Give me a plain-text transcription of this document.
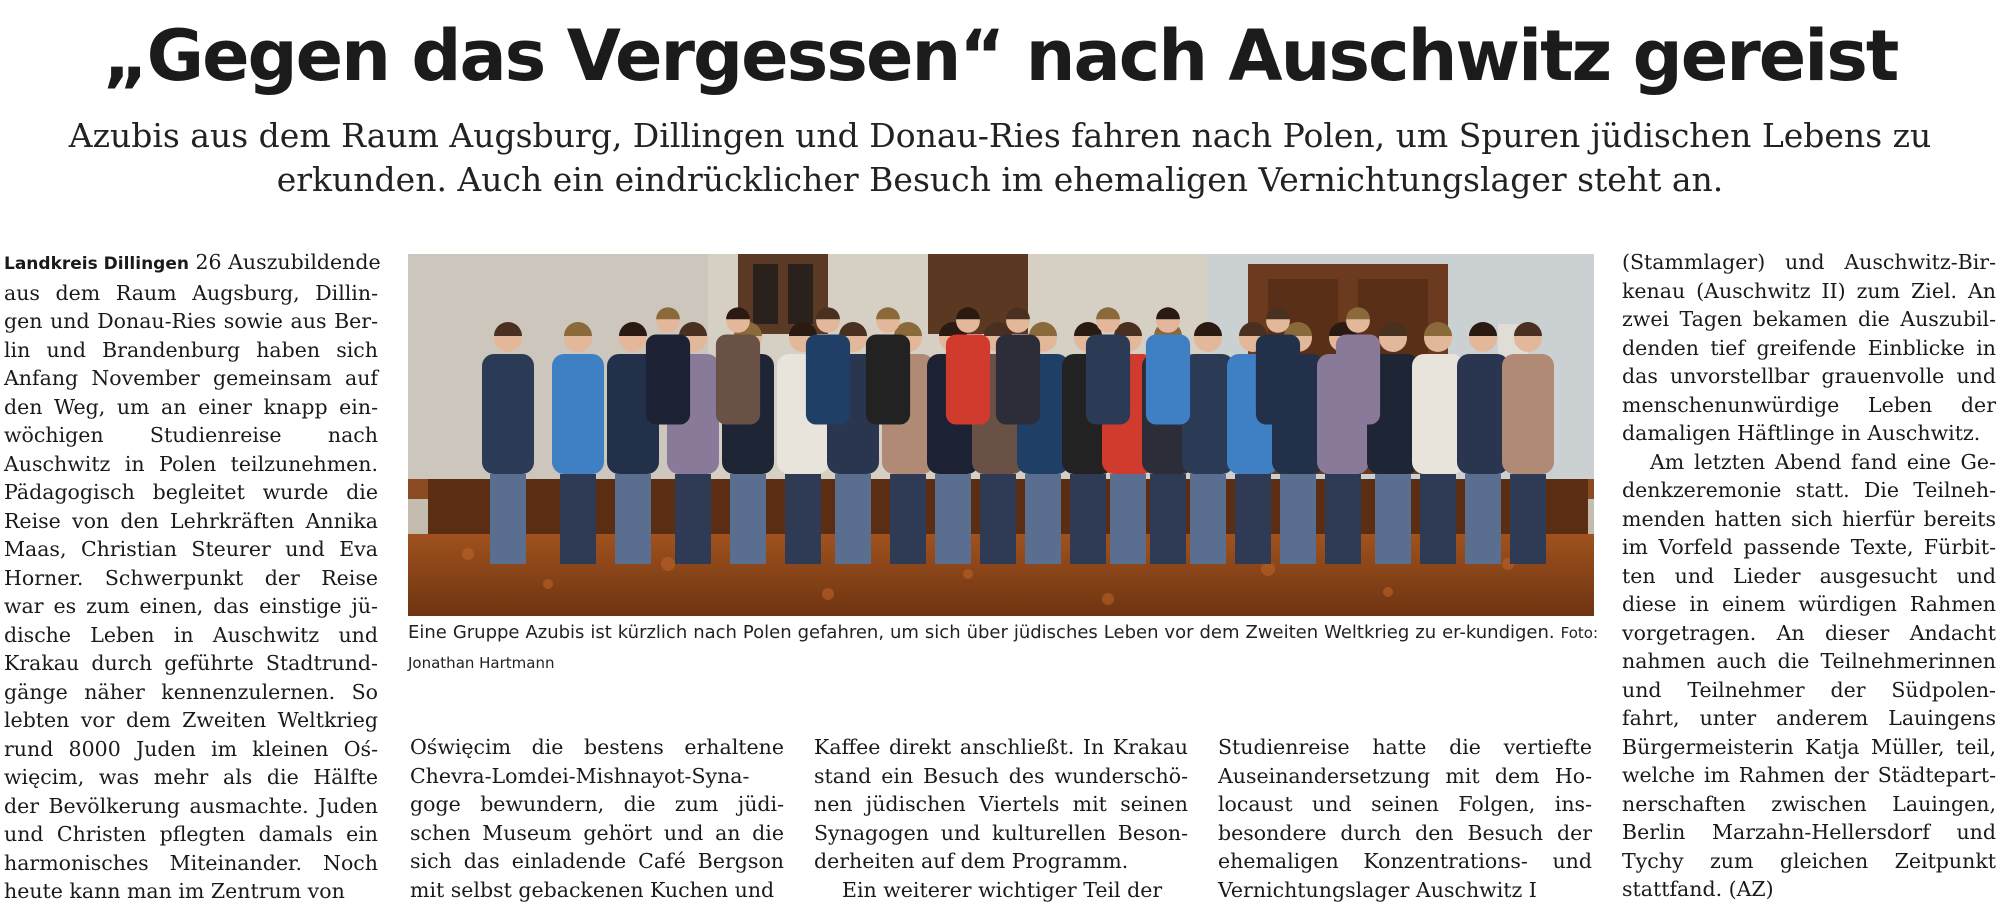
„Gegen das Vergessen“ nach Auschwitz gereist

Azubis aus dem Raum Augsburg, Dillingen und Donau-Ries fahren nach Polen, um Spuren jüdischen Lebens zu erkunden. Auch ein eindrücklicher Besuch im ehemaligen Vernichtungslager steht an.

Landkreis Dillingen 26 Auszubildende
aus dem Raum Augsburg, Dillin-
gen und Donau-Ries sowie aus Ber-
lin und Brandenburg haben sich
Anfang November gemeinsam auf
den Weg, um an einer knapp ein-
wöchigen Studienreise nach
Auschwitz in Polen teilzunehmen.
Pädagogisch begleitet wurde die
Reise von den Lehrkräften Annika
Maas, Christian Steurer und Eva
Horner. Schwerpunkt der Reise
war es zum einen, das einstige jü-
dische Leben in Auschwitz und
Krakau durch geführte Stadtrund-
gänge näher kennenzulernen. So
lebten vor dem Zweiten Weltkrieg
rund 8000 Juden im kleinen Oś-
więcim, was mehr als die Hälfte
der Bevölkerung ausmachte. Juden
und Christen pflegten damals ein
harmonisches Miteinander. Noch
heute kann man im Zentrum von
Eine Gruppe Azubis ist kürzlich nach Polen gefahren, um sich über jüdisches Leben vor dem Zweiten Weltkrieg zu er-kundigen. Foto: Jonathan Hartmann
Oświęcim die bestens erhaltene
Chevra-Lomdei-Mishnayot-Syna-
goge bewundern, die zum jüdi-
schen Museum gehört und an die
sich das einladende Café Bergson
mit selbst gebackenen Kuchen und
Kaffee direkt anschließt. In Krakau
stand ein Besuch des wunderschö-
nen jüdischen Viertels mit seinen
Synagogen und kulturellen Beson-
derheiten auf dem Programm.
Ein weiterer wichtiger Teil der
Studienreise hatte die vertiefte
Auseinandersetzung mit dem Ho-
locaust und seinen Folgen, ins-
besondere durch den Besuch der
ehemaligen Konzentrations- und
Vernichtungslager Auschwitz I
(Stammlager) und Auschwitz-Bir-
kenau (Auschwitz II) zum Ziel. An
zwei Tagen bekamen die Auszubil-
denden tief greifende Einblicke in
das unvorstellbar grauenvolle und
menschenunwürdige Leben der
damaligen Häftlinge in Auschwitz.
Am letzten Abend fand eine Ge-
denkzeremonie statt. Die Teilneh-
menden hatten sich hierfür bereits
im Vorfeld passende Texte, Fürbit-
ten und Lieder ausgesucht und
diese in einem würdigen Rahmen
vorgetragen. An dieser Andacht
nahmen auch die Teilnehmerinnen
und Teilnehmer der Südpolen-
fahrt, unter anderem Lauingens
Bürgermeisterin Katja Müller, teil,
welche im Rahmen der Städtepart-
nerschaften zwischen Lauingen,
Berlin Marzahn-Hellersdorf und
Tychy zum gleichen Zeitpunkt
stattfand. (AZ)
